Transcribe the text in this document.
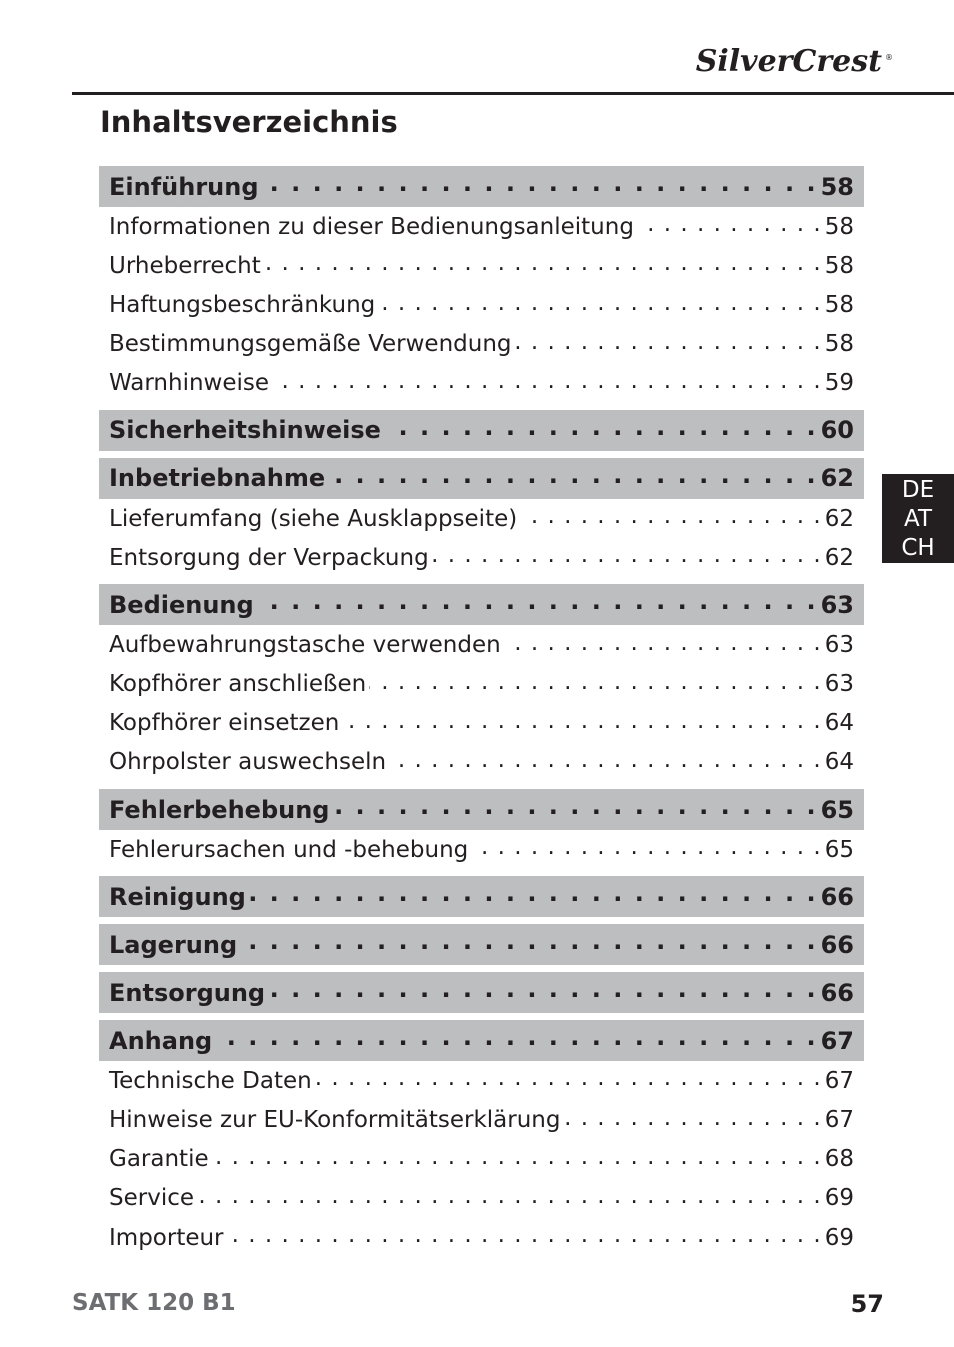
SilverCrest ®
Inhaltsverzeichnis
Einführung . . .	58
Informationen zu dieser Bedienungsanleitung . . .	58
Urheberrecht . . .	58
Haftungsbeschränkung . . .	58
Bestimmungsgemäße Verwendung . . .	58
Warnhinweise . . .	59
Sicherheitshinweise . . .	60
Inbetriebnahme . . .	62
Lieferumfang (siehe Ausklappseite) . . .	62
Entsorgung der Verpackung . . .	62
Bedienung . . .	63
Aufbewahrungstasche verwenden . . .	63
Kopfhörer anschließen . . .	63
Kopfhörer einsetzen . . .	64
Ohrpolster auswechseln . . .	64
Fehlerbehebung . . .	65
Fehlerursachen und -behebung . . .	65
Reinigung . . .	66
Lagerung . . .	66
Entsorgung . . .	66
Anhang . . .	67
Technische Daten . . .	67
Hinweise zur EU-Konformitätserklärung . . .	67
Garantie . . .	68
Service . . .	69
Importeur . . .	69
DE
AT
CH
SATK 120 B1	57
